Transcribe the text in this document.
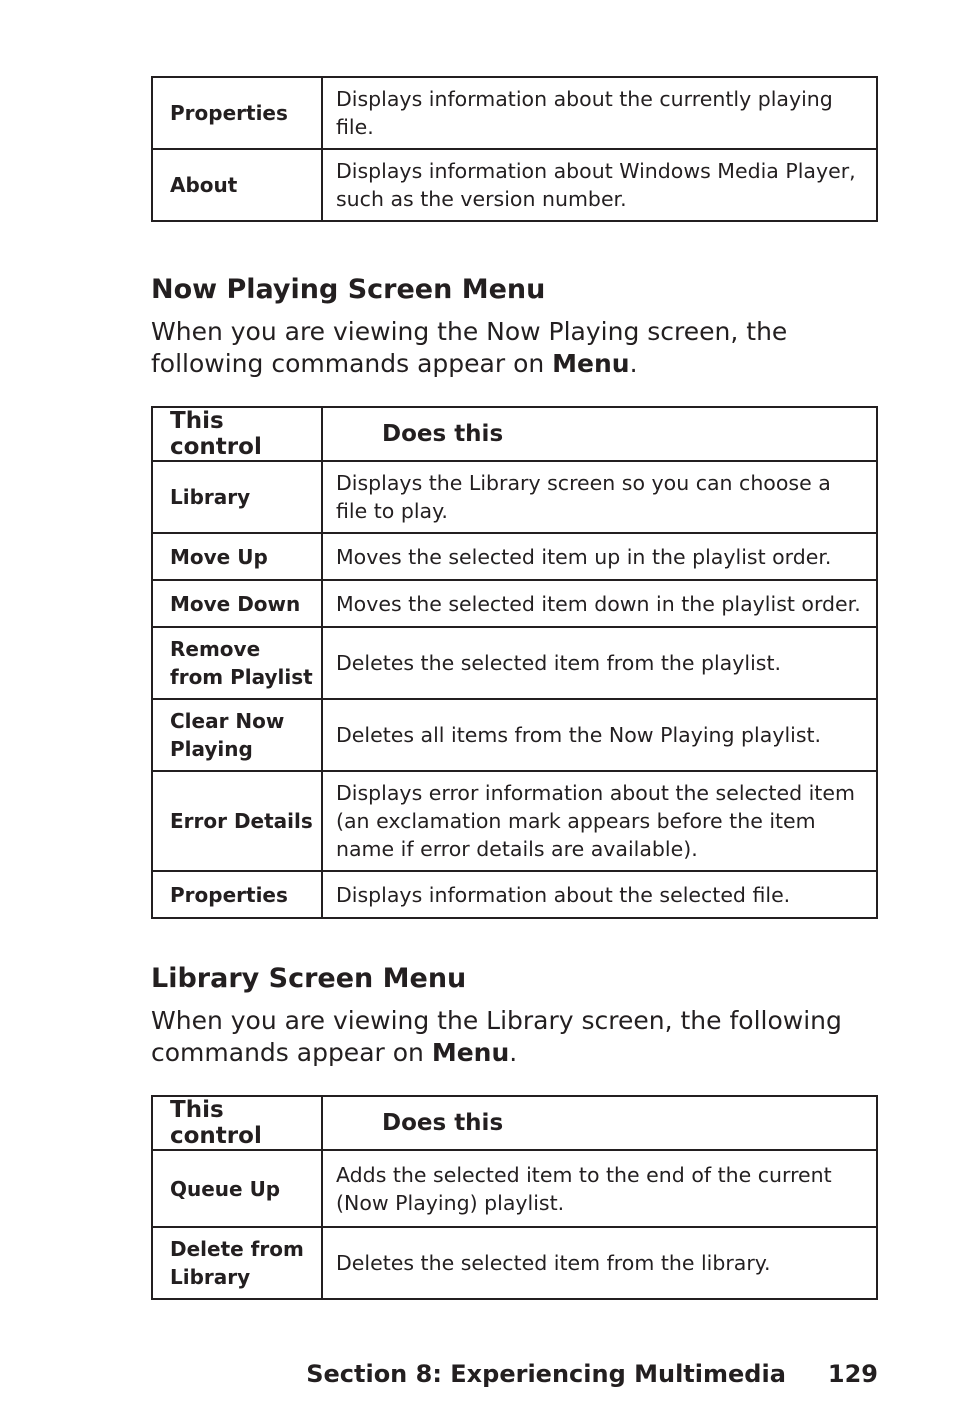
Properties	Displays information about the currently playing file.
About	Displays information about Windows Media Player, such as the version number.
Now Playing Screen Menu

When you are viewing the Now Playing screen, the following commands appear on Menu.

This control	Does this
Library	Displays the Library screen so you can choose a file to play.
Move Up	Moves the selected item up in the playlist order.
Move Down	Moves the selected item down in the playlist order.
Remove from Playlist	Deletes the selected item from the playlist.
Clear Now Playing	Deletes all items from the Now Playing playlist.
Error Details	Displays error information about the selected item (an exclamation mark appears before the item name if error details are available).
Properties	Displays information about the selected file.
Library Screen Menu

When you are viewing the Library screen, the following commands appear on Menu.

This control	Does this
Queue Up	Adds the selected item to the end of the current (Now Playing) playlist.
Delete from Library	Deletes the selected item from the library.
Section 8: Experiencing Multimedia 129
